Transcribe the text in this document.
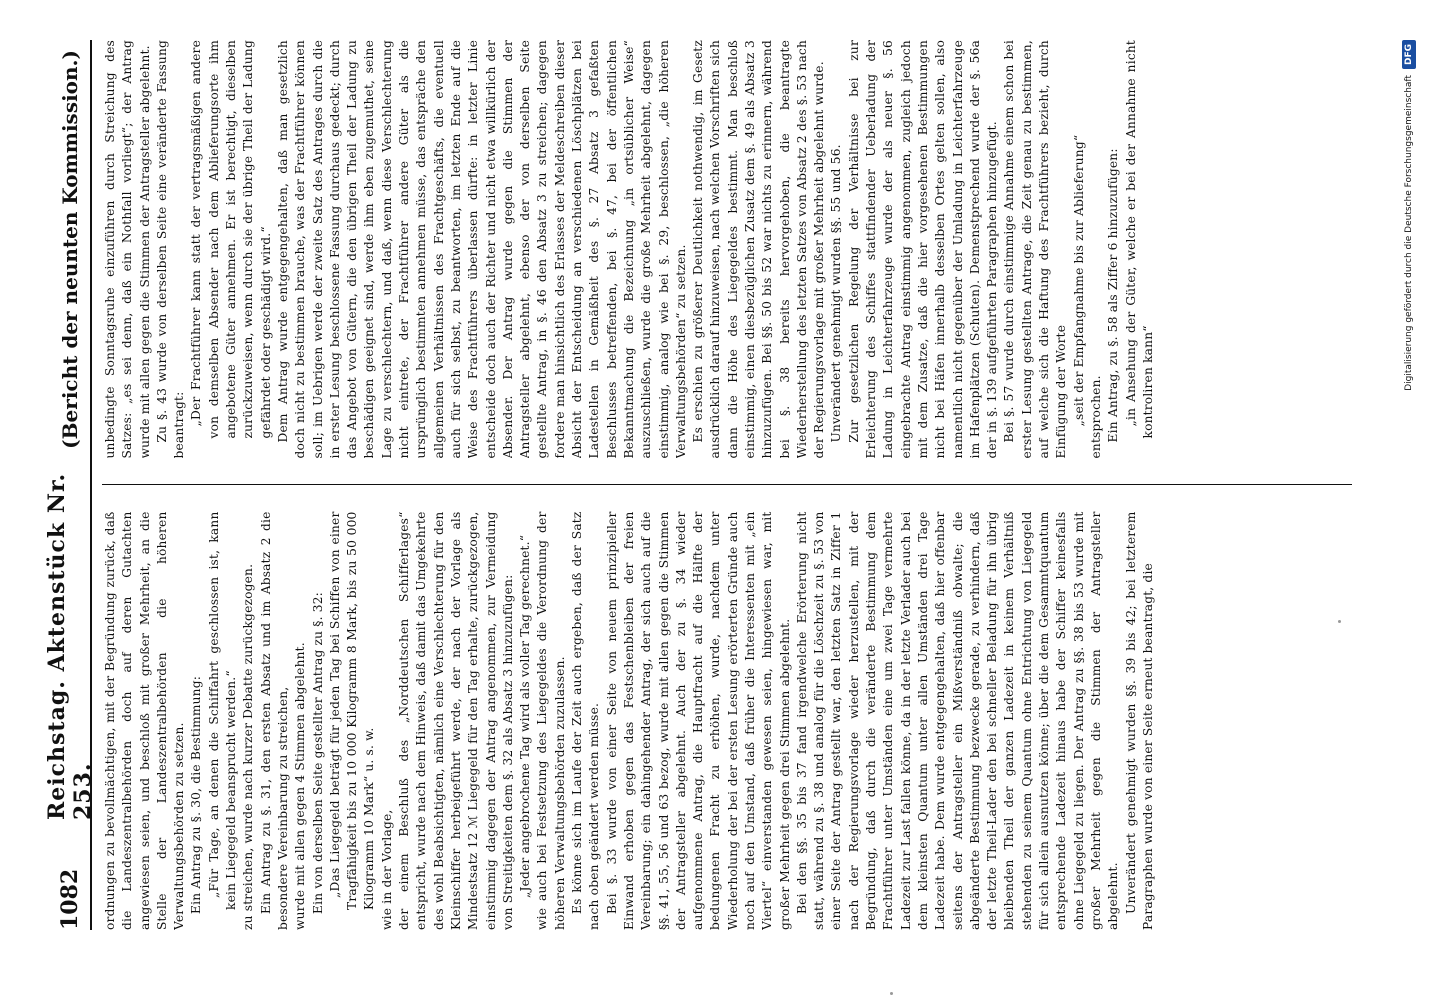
1082
Reichstag. Aktenstück Nr. 253.
(Bericht der neunten Kommission.)

ordnungen zu bevollmächtigen, mit der Begründung zurück, daß die Landeszentralbehörden doch auf deren Gutachten angewiesen seien, und beschloß mit großer Mehrheit, an die Stelle der Landeszentralbehörden die höheren Verwaltungsbehörden zu setzen. Ein Antrag zu §. 30, die Bestimmung: „Für Tage, an denen die Schiffahrt geschlossen ist, kann kein Liegegeld beansprucht werden.“ zu streichen, wurde nach kurzer Debatte zurückgezogen. Ein Antrag zu §. 31, den ersten Absatz und im Absatz 2 die besondere Vereinbarung zu streichen, wurde mit allen gegen 4 Stimmen abgelehnt. Ein von derselben Seite gestellter Antrag zu §. 32: „Das Liegegeld beträgt für jeden Tag bei Schiffen von einer Tragfähigkeit bis zu 10 000 Kilogramm 8 Mark, bis zu 50 000 Kilogramm 10 Mark“ u. s. w. wie in der Vorlage, der einem Beschluß des „Norddeutschen Schifferlages“ entspricht, wurde nach dem Hinweis, daß damit das Umgekehrte des wohl Beabsichtigten, nämlich eine Verschlechterung für den Kleinschiffer herbeigeführt werde, der nach der Vorlage als Mindestsatz 12 ℳ Liegegeld für den Tag erhalte, zurückgezogen, einstimmig dagegen der Antrag angenommen, zur Vermeidung von Streitigkeiten dem §. 32 als Absatz 3 hinzuzufügen: „Jeder angebrochene Tag wird als voller Tag gerechnet.“ wie auch bei Festsetzung des Liegegeldes die Verordnung der höheren Verwaltungsbehörden zuzulassen. Es könne sich im Laufe der Zeit auch ergeben, daß der Satz nach oben geändert werden müsse. Bei §. 33 wurde von einer Seite von neuem prinzipieller Einwand erhoben gegen das Festschenbleiben der freien Vereinbarung; ein dahingehender Antrag, der sich auch auf die §§. 41, 55, 56 und 63 bezog, wurde mit allen gegen die Stimmen der Antragsteller abgelehnt. Auch der zu §. 34 wieder aufgenommene Antrag, die Hauptfracht auf die Hälfte der bedungenen Fracht zu erhöhen, wurde, nachdem unter Wiederholung der bei der ersten Lesung erörterten Gründe auch noch auf den Umstand, daß früher die Interessenten mit „ein Viertel“ einverstanden gewesen seien, hingewiesen war, mit großer Mehrheit gegen drei Stimmen abgelehnt. Bei den §§. 35 bis 37 fand irgendwelche Erörterung nicht statt, während zu §. 38 und analog für die Löschzeit zu §. 53 von einer Seite der Antrag gestellt war, den letzten Satz in Ziffer 1 nach der Regierungsvorlage wieder herzustellen, mit der Begründung, daß durch die veränderte Bestimmung dem Frachtführer unter Umständen eine um zwei Tage vermehrte Ladezeit zur Last fallen könne, da in der letzte Verlader auch bei dem kleinsten Quantum unter allen Umständen drei Tage Ladezeit habe. Dem wurde entgegengehalten, daß hier offenbar seitens der Antragsteller ein Mißverständniß obwalte; die abgeänderte Bestimmung bezwecke gerade, zu verhindern, daß der letzte Theil-Lader den bei schneller Beladung für ihn übrig bleibenden Theil der ganzen Ladezeit in keinem Verhältniß stehenden zu seinem Quantum ohne Entrichtung von Liegegeld für sich allein ausnutzen könne; über die dem Gesammtquantum entsprechende Ladezeit hinaus habe der Schiffer keinesfalls ohne Liegegeld zu liegen. Der Antrag zu §§. 38 bis 53 wurde mit großer Mehrheit gegen die Stimmen der Antragsteller abgelehnt. Unverändert genehmigt wurden §§. 39 bis 42; bei letzterem Paragraphen wurde von einer Seite erneut beantragt, die

unbedingte Sonntagsruhe einzuführen durch Streichung des Satzes: „es sei denn, daß ein Nothfall vorliegt“; der Antrag wurde mit allen gegen die Stimmen der Antragsteller abgelehnt. Zu §. 43 wurde von derselben Seite eine veränderte Fassung beantragt: „Der Frachtführer kann statt der vertragsmäßigen andere von demselben Absender nach dem Ablieferungsorte ihm angebotene Güter annehmen. Er ist berechtigt, dieselben zurückzuweisen, wenn durch sie der übrige Theil der Ladung gefährdet oder geschädigt wird.“ Dem Antrag wurde entgegengehalten, daß man gesetzlich doch nicht zu bestimmen brauche, was der Frachtführer können soll; im Uebrigen werde der zweite Satz des Antrages durch die in erster Lesung beschlossene Fassung durchaus gedeckt; durch das Angebot von Gütern, die den übrigen Theil der Ladung zu beschädigen geeignet sind, werde ihm eben zugemuthet, seine Lage zu verschlechtern, und daß, wenn diese Verschlechterung nicht eintrete, der Frachtführer andere Güter als die ursprünglich bestimmten annehmen müsse, das entspräche den allgemeinen Verhältnissen des Frachtgeschäfts, die eventuell auch für sich selbst, zu beantworten, im letzten Ende auf die Weise des Frachtführers überlassen dürfte: in letzter Linie entscheide doch auch der Richter und nicht etwa willkürlich der Absender. Der Antrag wurde gegen die Stimmen der Antragsteller abgelehnt, ebenso der von derselben Seite gestellte Antrag, in §. 46 den Absatz 3 zu streichen; dagegen fordere man hinsichtlich des Erlasses der Meldeschreiben dieser Absicht der Entscheidung an verschiedenen Löschplätzen bei Ladestellen in Gemäßheit des §. 27 Absatz 3 gefaßten Beschlusses betreffenden, bei §. 47, bei der öffentlichen Bekanntmachung die Bezeichnung „in ortsüblicher Weise“ auszuschließen, wurde die große Mehrheit abgelehnt, dagegen einstimmig, analog wie bei §. 29, beschlossen, „die höheren Verwaltungsbehörden“ zu setzen. Es erschien zu größerer Deutlichkeit nothwendig, im Gesetz ausdrücklich darauf hinzuweisen, nach welchen Vorschriften sich dann die Höhe des Liegegeldes bestimmt. Man beschloß einstimmig, einen diesbezüglichen Zusatz dem §. 49 als Absatz 3 hinzuzufügen. Bei §§. 50 bis 52 war nichts zu erinnern, während bei §. 38 bereits hervorgehoben, die beantragte Wiederherstellung des letzten Satzes von Absatz 2 des §. 53 nach der Regierungsvorlage mit großer Mehrheit abgelehnt wurde. Unverändert genehmigt wurden §§. 55 und 56. Zur gesetzlichen Regelung der Verhältnisse bei zur Erleichterung des Schiffes stattfindender Ueberladung der Ladung in Leichterfahrzeuge wurde der als neuer §. 56 eingebrachte Antrag einstimmig angenommen, zugleich jedoch mit dem Zusatze, daß die hier vorgesehenen Bestimmungen nicht bei Häfen innerhalb desselben Ortes gelten sollen, also namentlich nicht gegenüber der Umladung in Leichterfahrzeuge im Hafenplätzen (Schuten). Demenstprechend wurde der §. 56a der in §. 139 aufgeführten Paragraphen hinzugefügt. Bei §. 57 wurde durch einstimmige Annahme einem schon bei erster Lesung gestellten Antrage, die Zeit genau zu bestimmen, auf welche sich die Haftung des Frachtführers bezieht, durch Einfügung der Worte „seit der Empfangnahme bis zur Ablieferung“ entsprochen. Ein Antrag, zu §. 58 als Ziffer 6 hinzuzufügen: „in Ansehung der Güter, welche er bei der Annahme nicht kontroliren kann“	Digitalisierung gefördert durch die Deutsche Forschungsgemeinschaft
DFG
